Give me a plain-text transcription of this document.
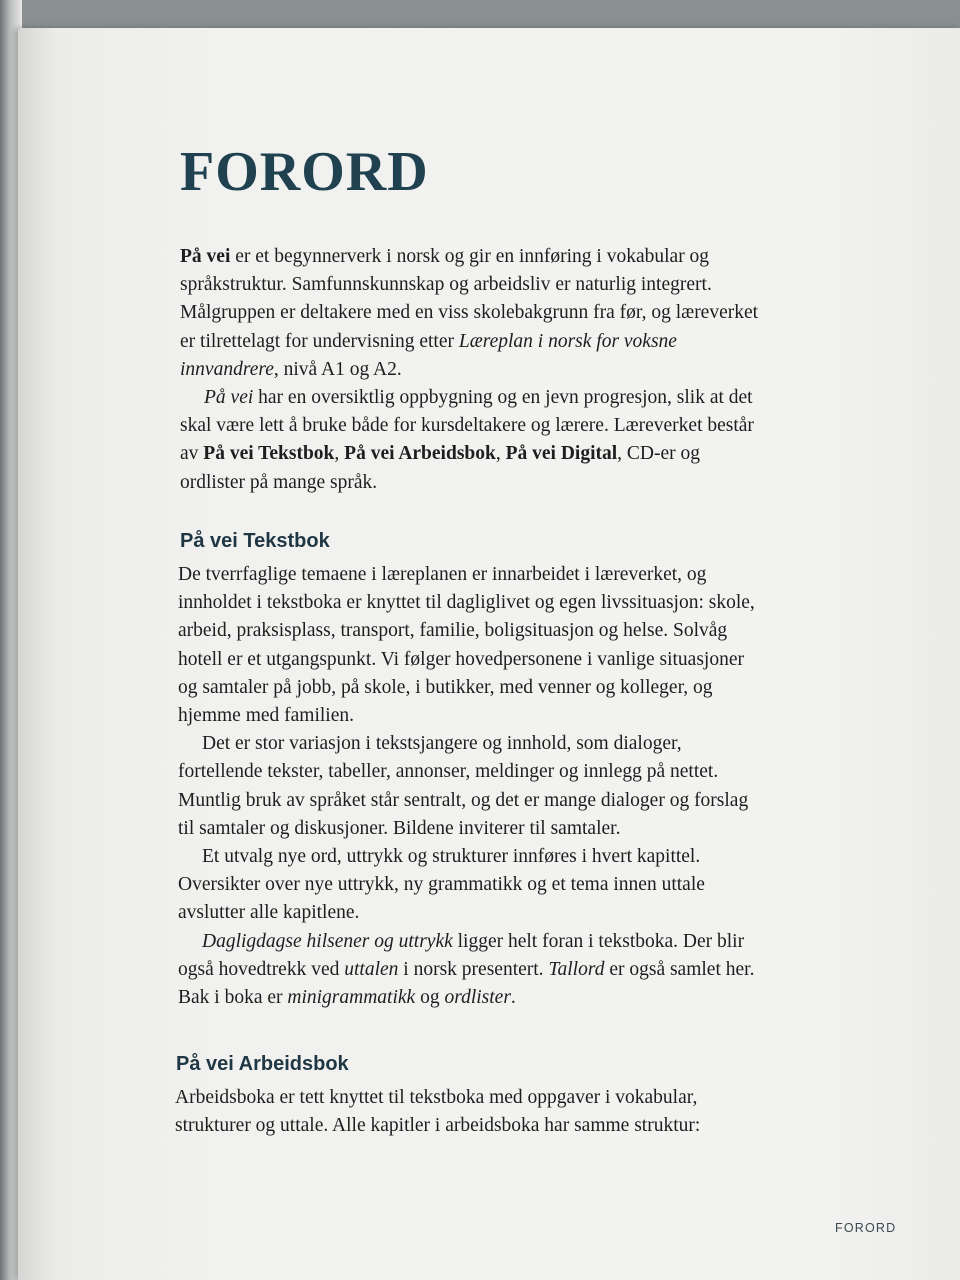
FORORD

På vei er et begynnerverk i norsk og gir en innføring i vokabular og språkstruktur. Samfunnskunnskap og arbeidsliv er naturlig integrert. Målgruppen er deltakere med en viss skolebakgrunn fra før, og læreverket er tilrettelagt for undervisning etter Læreplan i norsk for voksne innvandrere, nivå A1 og A2.

På vei har en oversiktlig oppbygning og en jevn progresjon, slik at det skal være lett å bruke både for kursdeltakere og lærere. Læreverket består av På vei Tekstbok, På vei Arbeidsbok, På vei Digital, CD-er og ordlister på mange språk.

På vei Tekstbok

De tverrfaglige temaene i læreplanen er innarbeidet i læreverket, og innholdet i tekstboka er knyttet til dagliglivet og egen livssituasjon: skole, arbeid, praksisplass, transport, familie, boligsituasjon og helse. Solvåg hotell er et utgangspunkt. Vi følger hovedpersonene i vanlige situasjoner og samtaler på jobb, på skole, i butikker, med venner og kolleger, og hjemme med familien.

Det er stor variasjon i tekstsjangere og innhold, som dialoger, fortellende tekster, tabeller, annonser, meldinger og innlegg på nettet. Muntlig bruk av språket står sentralt, og det er mange dialoger og forslag til samtaler og diskusjoner. Bildene inviterer til samtaler.

Et utvalg nye ord, uttrykk og strukturer innføres i hvert kapittel. Oversikter over nye uttrykk, ny grammatikk og et tema innen uttale avslutter alle kapitlene.

Dagligdagse hilsener og uttrykk ligger helt foran i tekstboka. Der blir også hovedtrekk ved uttalen i norsk presentert. Tallord er også samlet her. Bak i boka er minigrammatikk og ordlister.

På vei Arbeidsbok

Arbeidsboka er tett knyttet til tekstboka med oppgaver i vokabular, strukturer og uttale. Alle kapitler i arbeidsboka har samme struktur:

FORORD
